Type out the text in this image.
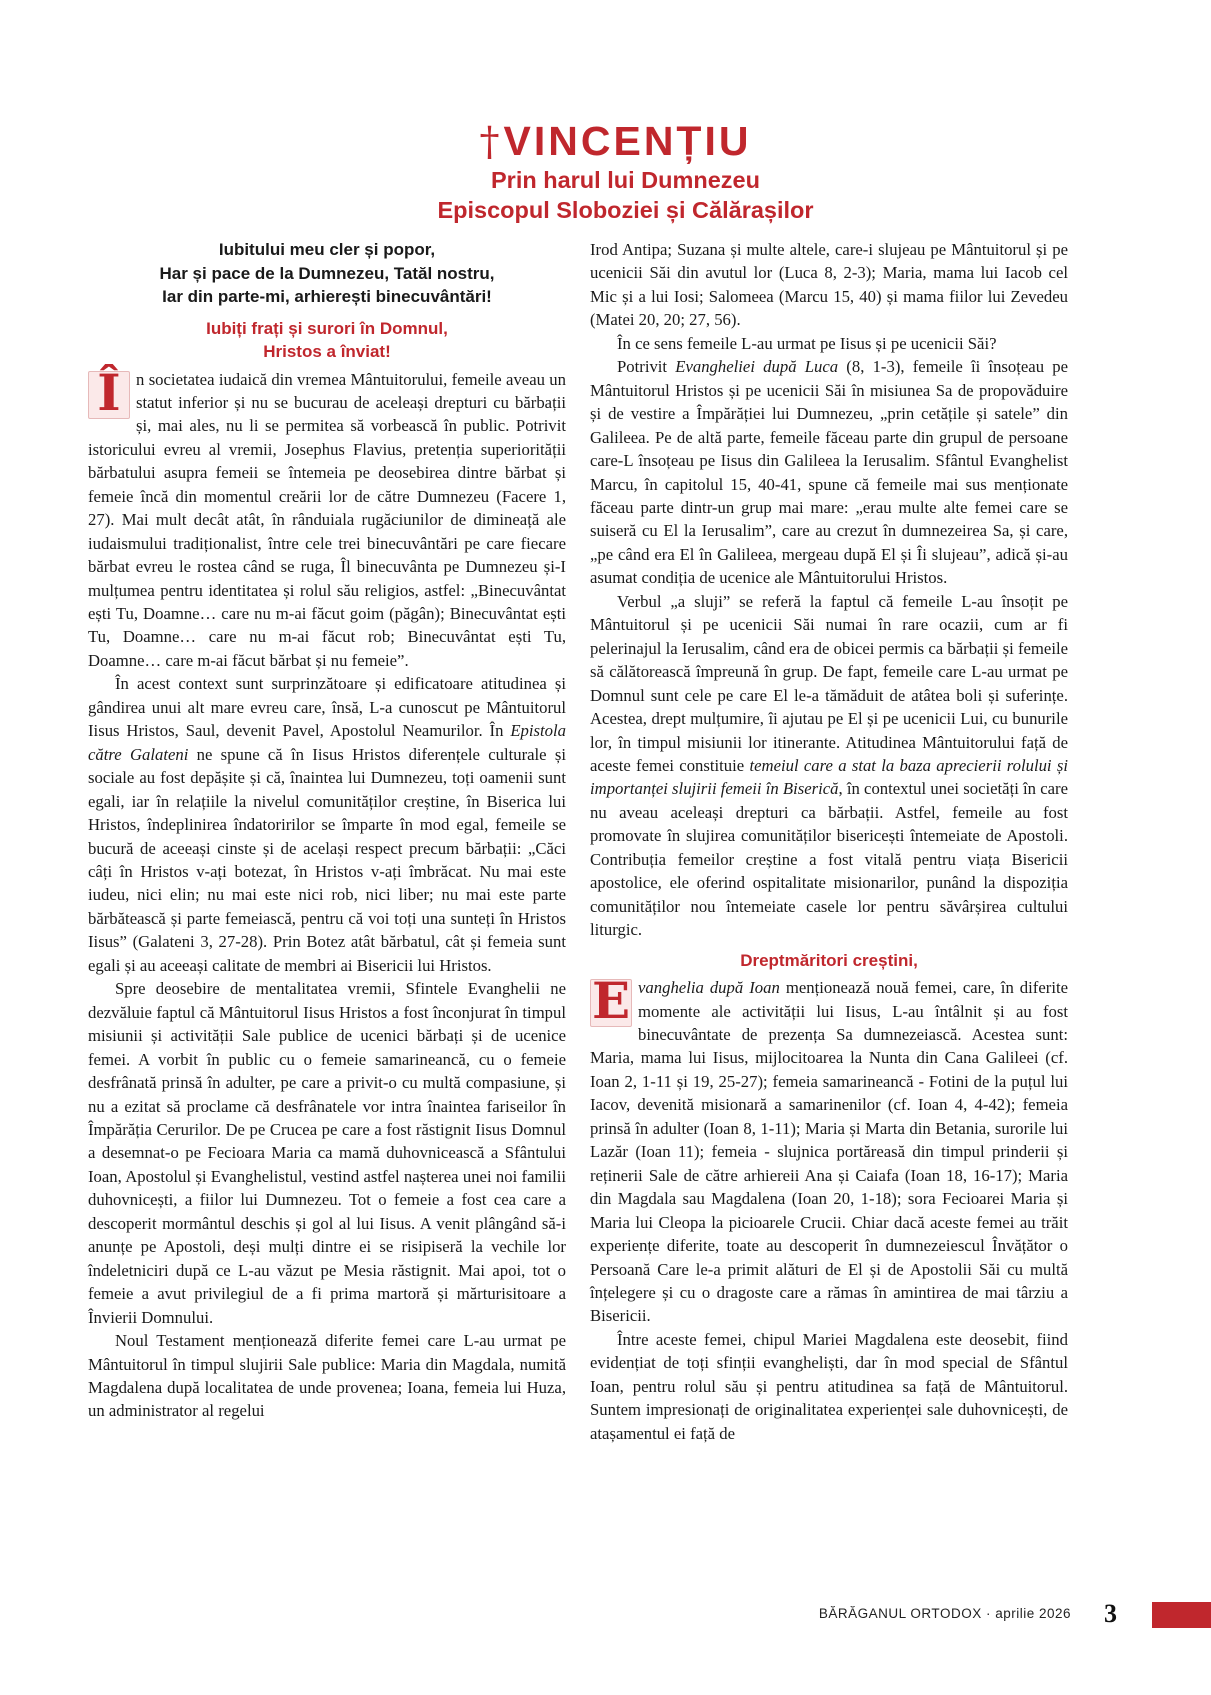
†VINCENȚIU
Prin harul lui Dumnezeu
Episcopul Sloboziei și Călărașilor
Iubitului meu cler și popor,
Har și pace de la Dumnezeu, Tatăl nostru,
Iar din parte-mi, arhierești binecuvântări!
Iubiți frați și surori în Domnul,
Hristos a înviat!

Î n societatea iudaică din vremea Mântuitorului, femeile aveau un statut inferior și nu se bucurau de aceleași drepturi cu bărbații și, mai ales, nu li se permitea să vorbească în public. Potrivit istoricului evreu al vremii, Josephus Flavius, pretenția superiorității bărbatului asupra femeii se întemeia pe deosebirea dintre bărbat și femeie încă din momentul creării lor de către Dumnezeu (Facere 1, 27). Mai mult decât atât, în rânduiala rugăciunilor de dimineață ale iudaismului tradiționalist, între cele trei binecuvântări pe care fiecare bărbat evreu le rostea când se ruga, Îl binecuvânta pe Dumnezeu și-I mulțumea pentru identitatea și rolul său religios, astfel: „Binecuvântat ești Tu, Doamne… care nu m-ai făcut goim (păgân); Binecuvântat ești Tu, Doamne… care nu m-ai făcut rob; Binecuvântat ești Tu, Doamne… care m-ai făcut bărbat și nu femeie”.

În acest context sunt surprinzătoare și edificatoare atitudinea și gândirea unui alt mare evreu care, însă, L-a cunoscut pe Mântuitorul Iisus Hristos, Saul, devenit Pavel, Apostolul Neamurilor. În Epistola către Galateni ne spune că în Iisus Hristos diferențele culturale și sociale au fost depășite și că, înaintea lui Dumnezeu, toți oamenii sunt egali, iar în relațiile la nivelul comunităților creștine, în Biserica lui Hristos, îndeplinirea îndatoririlor se împarte în mod egal, femeile se bucură de aceeași cinste și de același respect precum bărbații: „Căci câți în Hristos v-ați botezat, în Hristos v-ați îmbrăcat. Nu mai este iudeu, nici elin; nu mai este nici rob, nici liber; nu mai este parte bărbătească și parte femeiască, pentru că voi toți una sunteți în Hristos Iisus” (Galateni 3, 27-28). Prin Botez atât bărbatul, cât și femeia sunt egali și au aceeași calitate de membri ai Bisericii lui Hristos.

Spre deosebire de mentalitatea vremii, Sfintele Evanghelii ne dezvăluie faptul că Mântuitorul Iisus Hristos a fost înconjurat în timpul misiunii și activității Sale publice de ucenici bărbați și de ucenice femei. A vorbit în public cu o femeie samarineancă, cu o femeie desfrânată prinsă în adulter, pe care a privit-o cu multă compasiune, și nu a ezitat să proclame că desfrânatele vor intra înaintea fariseilor în Împărăția Cerurilor. De pe Crucea pe care a fost răstignit Iisus Domnul a desemnat-o pe Fecioara Maria ca mamă duhovnicească a Sfântului Ioan, Apostolul și Evanghelistul, vestind astfel nașterea unei noi familii duhovnicești, a fiilor lui Dumnezeu. Tot o femeie a fost cea care a descoperit mormântul deschis și gol al lui Iisus. A venit plângând să-i anunțe pe Apostoli, deși mulți dintre ei se risipiseră la vechile lor îndeletniciri după ce L-au văzut pe Mesia răstignit. Mai apoi, tot o femeie a avut privilegiul de a fi prima martoră și mărturisitoare a Învierii Domnului.

Noul Testament menționează diferite femei care L-au urmat pe Mântuitorul în timpul slujirii Sale publice: Maria din Magdala, numită Magdalena după localitatea de unde provenea; Ioana, femeia lui Huza, un administrator al regelui

Irod Antipa; Suzana și multe altele, care-i slujeau pe Mântuitorul și pe ucenicii Săi din avutul lor (Luca 8, 2-3); Maria, mama lui Iacob cel Mic și a lui Iosi; Salomeea (Marcu 15, 40) și mama fiilor lui Zevedeu (Matei 20, 20; 27, 56).

În ce sens femeile L-au urmat pe Iisus și pe ucenicii Săi?

Potrivit Evangheliei după Luca (8, 1-3), femeile îi însoțeau pe Mântuitorul Hristos și pe ucenicii Săi în misiunea Sa de propovăduire și de vestire a Împărăției lui Dumnezeu, „prin cetățile și satele” din Galileea. Pe de altă parte, femeile făceau parte din grupul de persoane care-L însoțeau pe Iisus din Galileea la Ierusalim. Sfântul Evanghelist Marcu, în capitolul 15, 40-41, spune că femeile mai sus menționate făceau parte dintr-un grup mai mare: „erau multe alte femei care se suiseră cu El la Ierusalim”, care au crezut în dumnezeirea Sa, și care, „pe când era El în Galileea, mergeau după El și Îi slujeau”, adică și-au asumat condiția de ucenice ale Mântuitorului Hristos.

Verbul „a sluji” se referă la faptul că femeile L-au însoțit pe Mântuitorul și pe ucenicii Săi numai în rare ocazii, cum ar fi pelerinajul la Ierusalim, când era de obicei permis ca bărbații și femeile să călătorească împreună în grup. De fapt, femeile care L-au urmat pe Domnul sunt cele pe care El le-a tămăduit de atâtea boli și suferințe. Acestea, drept mulțumire, îi ajutau pe El și pe ucenicii Lui, cu bunurile lor, în timpul misiunii lor itinerante. Atitudinea Mântuitorului față de aceste femei constituie temeiul care a stat la baza aprecierii rolului și importanței slujirii femeii în Biserică, în contextul unei societăți în care nu aveau aceleași drepturi ca bărbații. Astfel, femeile au fost promovate în slujirea comunităților bisericești întemeiate de Apostoli. Contribuția femeilor creștine a fost vitală pentru viața Bisericii apostolice, ele oferind ospitalitate misionarilor, punând la dispoziția comunităților nou întemeiate casele lor pentru săvârșirea cultului liturgic.

Dreptmăritori creștini,

E vanghelia după Ioan menționează nouă femei, care, în diferite momente ale activității lui Iisus, L-au întâlnit și au fost binecuvântate de prezența Sa dumnezeiască. Acestea sunt: Maria, mama lui Iisus, mijlocitoarea la Nunta din Cana Galileei (cf. Ioan 2, 1-11 și 19, 25-27); femeia samarineancă - Fotini de la puțul lui Iacov, devenită misionară a samarinenilor (cf. Ioan 4, 4-42); femeia prinsă în adulter (Ioan 8, 1-11); Maria și Marta din Betania, surorile lui Lazăr (Ioan 11); femeia - slujnica portăreasă din timpul prinderii și reținerii Sale de către arhiereii Ana și Caiafa (Ioan 18, 16-17); Maria din Magdala sau Magdalena (Ioan 20, 1-18); sora Fecioarei Maria și Maria lui Cleopa la picioarele Crucii. Chiar dacă aceste femei au trăit experiențe diferite, toate au descoperit în dumnezeiescul Învățător o Persoană Care le-a primit alături de El și de Apostolii Săi cu multă înțelegere și cu o dragoste care a rămas în amintirea de mai târziu a Bisericii.

Între aceste femei, chipul Mariei Magdalena este deosebit, fiind evidențiat de toți sfinții evangheliști, dar în mod special de Sfântul Ioan, pentru rolul său și pentru atitudinea sa față de Mântuitorul. Suntem impresionați de originalitatea experienței sale duhovnicești, de atașamentul ei față de

BĂRĂGANUL ORTODOX · aprilie 2026 3
